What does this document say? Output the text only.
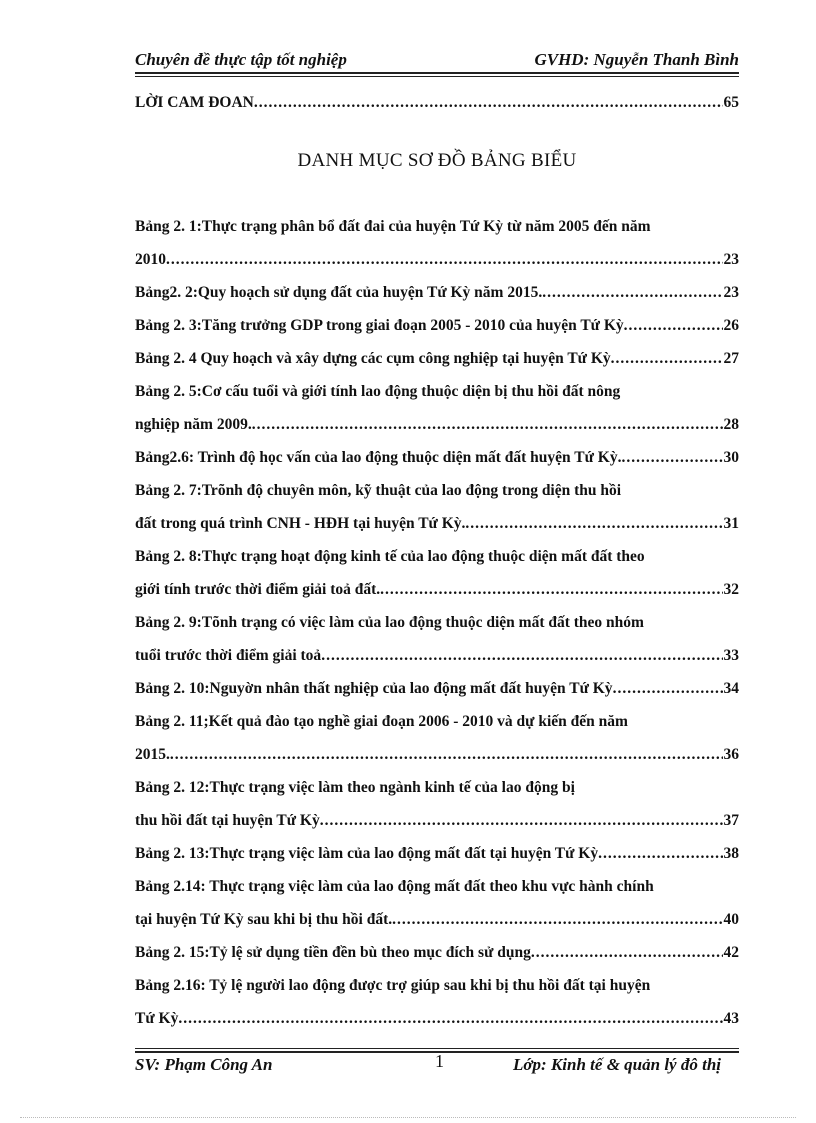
Chuyên đề thực tập tốt nghiệp	GVHD: Nguyễn Thanh Bình
LỜI CAM ĐOAN .....	65
DANH MỤC SƠ ĐỒ BẢNG BIỂU
Bảng 2. 1:Thực trạng phân bổ đất đai của huyện Tứ Kỳ từ năm 2005 đến năm
2010 .....	23
Bảng2. 2:Quy hoạch sử dụng đất của huyện Tứ Kỳ năm 2015. .....	23
Bảng 2. 3:Tăng trưởng GDP trong giai đoạn 2005 - 2010 của huyện Tứ Kỳ .....	26
Bảng 2. 4 Quy hoạch và xây dựng các cụm công nghiệp tại huyện Tứ Kỳ .....	27
Bảng 2. 5:Cơ cấu tuổi và giới tính lao động thuộc diện bị thu hồi đất nông
nghiệp năm 2009. .....	28
Bảng2.6: Trình độ học vấn của lao động thuộc diện mất đất huyện Tứ Kỳ. .....	30
Bảng 2. 7:Trõnh độ chuyên môn, kỹ thuật của lao động trong diện thu hồi
đất trong quá trình CNH - HĐH tại huyện Tứ Kỳ. .....	31
Bảng 2. 8:Thực trạng hoạt động kinh tế của lao động thuộc diện mất đất theo
giới tính trước thời điểm giải toả đất. .....	32
Bảng 2. 9:Tõnh trạng có việc làm của lao động thuộc diện mất đất theo nhóm
tuổi trước thời điểm giải toả .....	33
Bảng 2. 10:Nguyờn nhân thất nghiệp của lao động mất đất huyện Tứ Kỳ .....	34
Bảng 2. 11;Kết quả đào tạo nghề giai đoạn 2006 - 2010 và dự kiến đến năm
2015. .....	36
Bảng 2. 12:Thực trạng việc làm theo ngành kinh tế của lao động bị
thu hồi đất tại huyện Tứ Kỳ .....	37
Bảng 2. 13:Thực trạng việc làm của lao động mất đất tại huyện Tứ Kỳ .....	38
Bảng 2.14: Thực trạng việc làm của lao động mất đất theo khu vực hành chính
tại huyện Tứ Kỳ sau khi bị thu hồi đất. .....	40
Bảng 2. 15:Tỷ lệ sử dụng tiền đền bù theo mục đích sử dụng .....	42
Bảng 2.16: Tỷ lệ người lao động được trợ giúp sau khi bị thu hồi đất tại huyện
Tứ Kỳ .....	43
SV: Phạm Công An	1	Lớp: Kinh tế & quản lý đô thị
